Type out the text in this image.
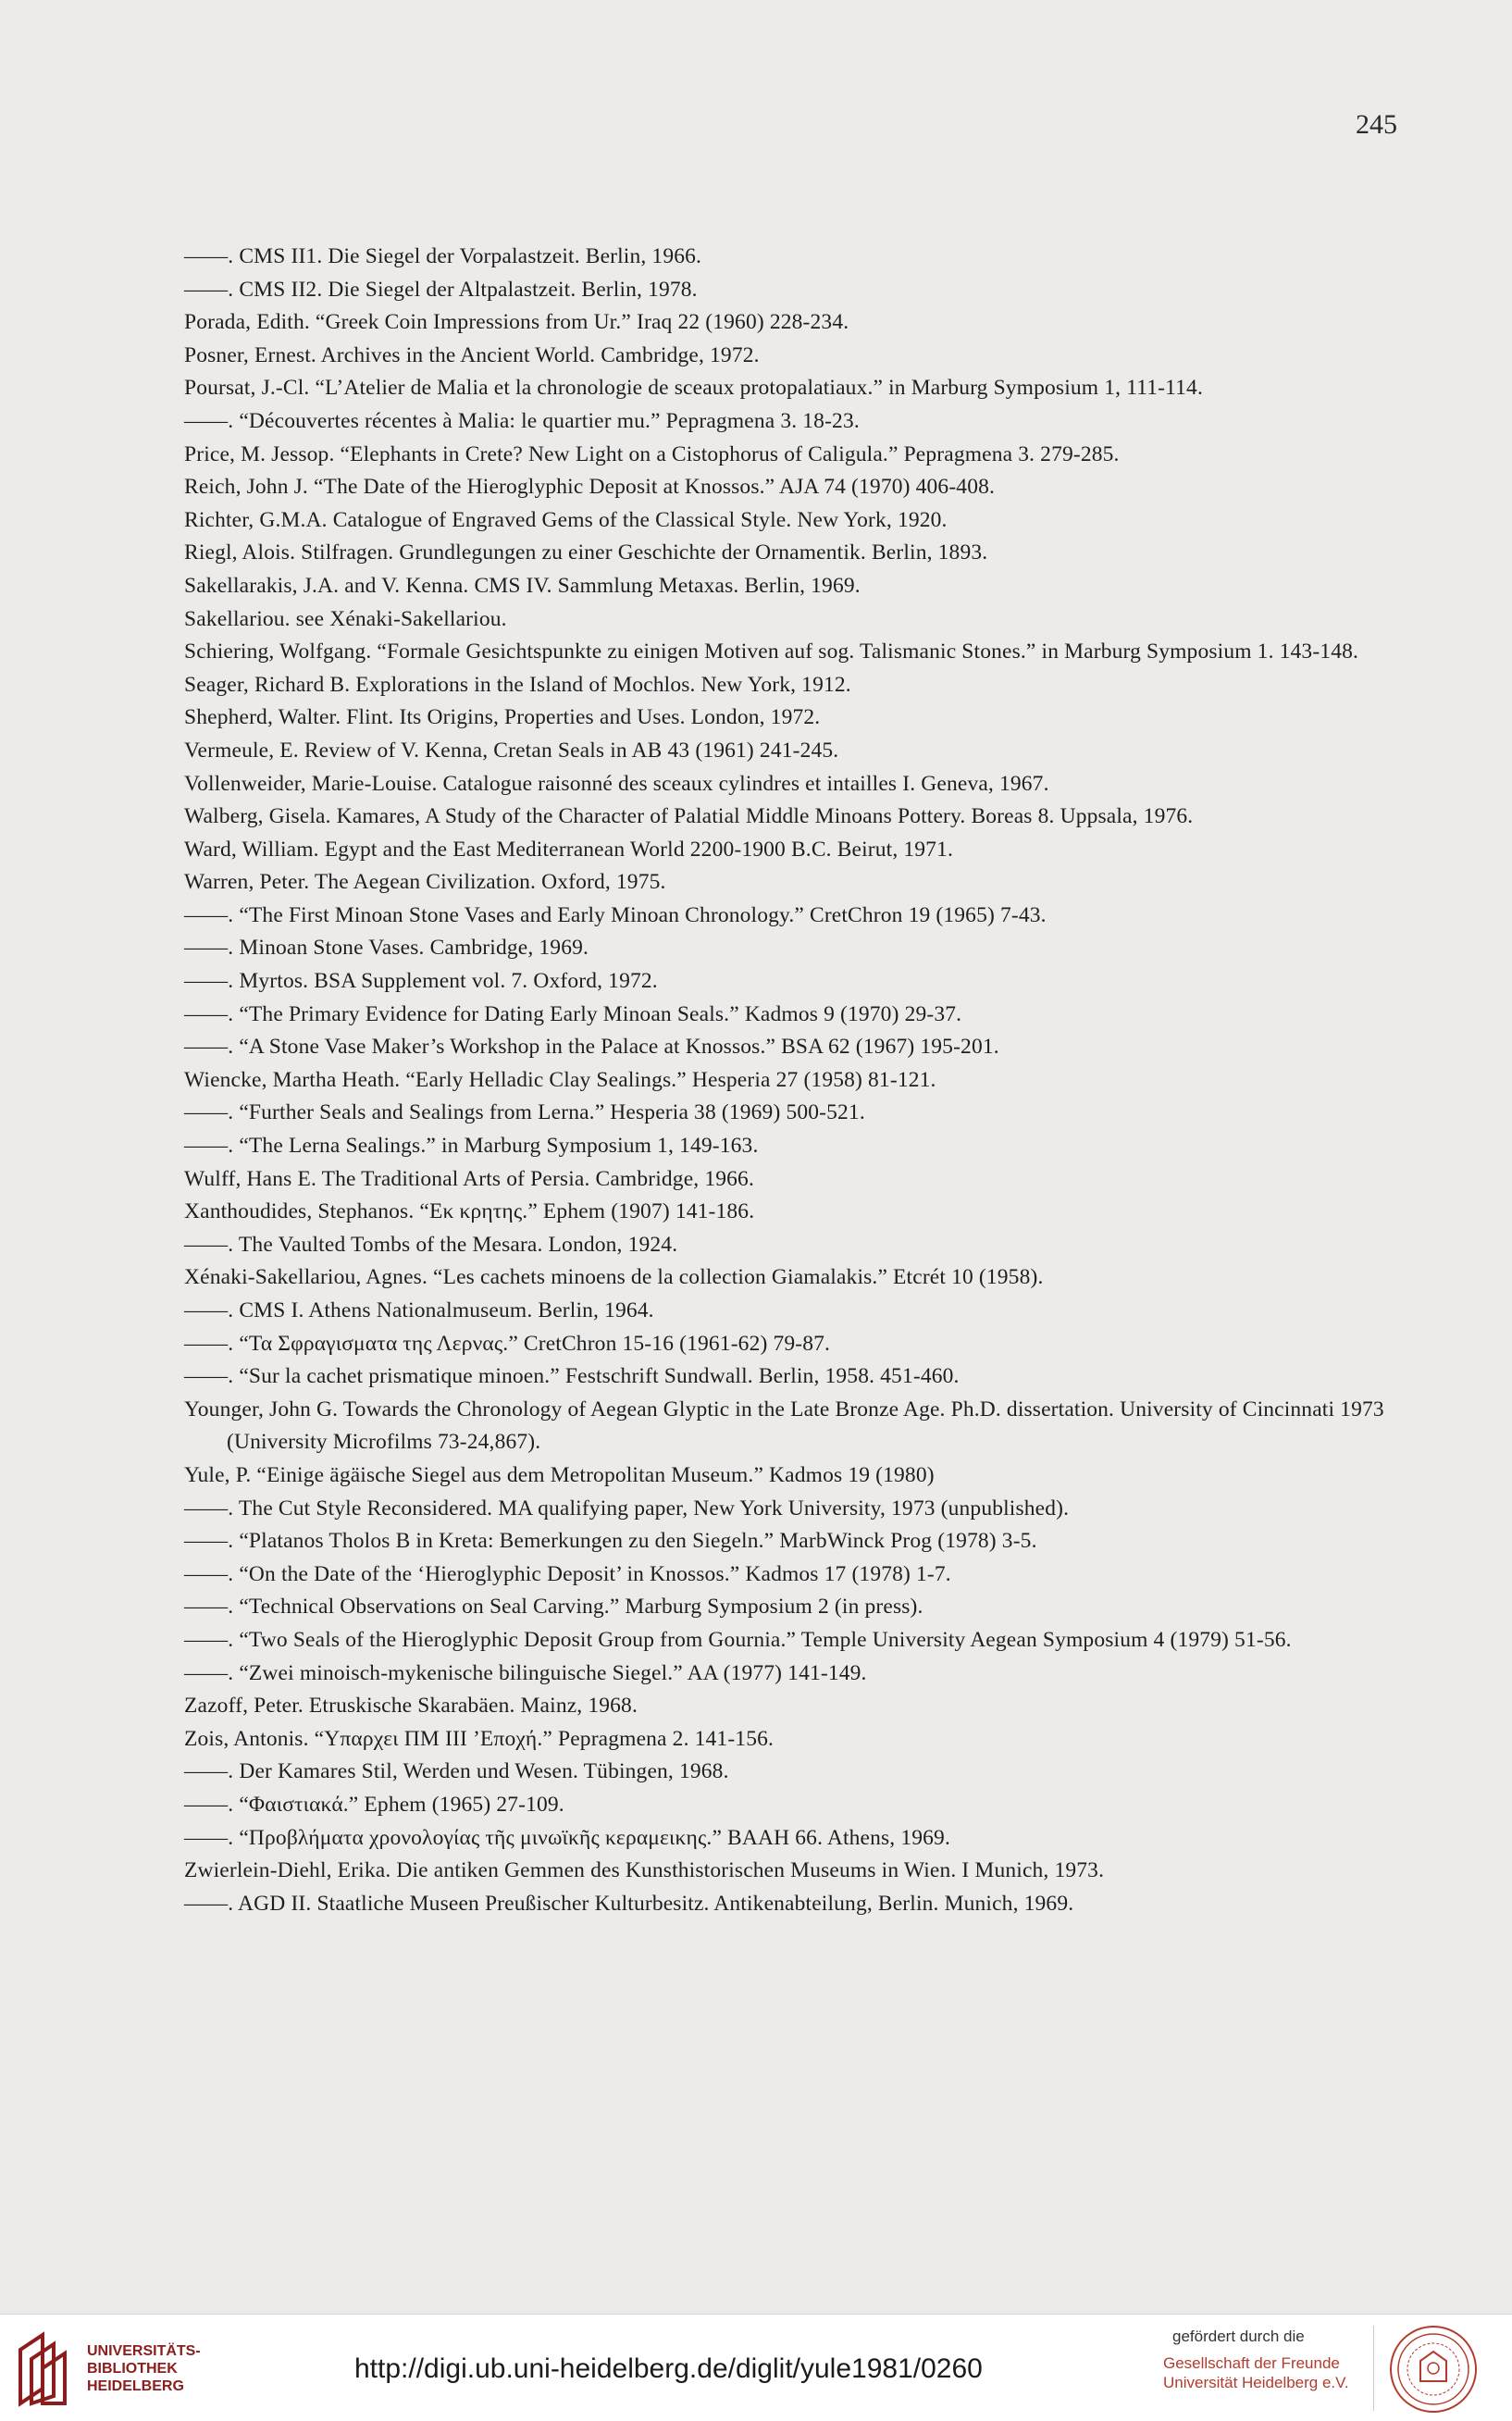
245
——. CMS II1. Die Siegel der Vorpalastzeit. Berlin, 1966.
——. CMS II2. Die Siegel der Altpalastzeit. Berlin, 1978.
Porada, Edith. “Greek Coin Impressions from Ur.” Iraq 22 (1960) 228-234.
Posner, Ernest. Archives in the Ancient World. Cambridge, 1972.
Poursat, J.-Cl. “L’Atelier de Malia et la chronologie de sceaux protopalatiaux.” in Marburg Symposium 1, 111-114.
——. “Découvertes récentes à Malia: le quartier mu.” Pepragmena 3. 18-23.
Price, M. Jessop. “Elephants in Crete? New Light on a Cistophorus of Caligula.” Pepragmena 3. 279-285.
Reich, John J. “The Date of the Hieroglyphic Deposit at Knossos.” AJA 74 (1970) 406-408.
Richter, G.M.A. Catalogue of Engraved Gems of the Classical Style. New York, 1920.
Riegl, Alois. Stilfragen. Grundlegungen zu einer Geschichte der Ornamentik. Berlin, 1893.
Sakellarakis, J.A. and V. Kenna. CMS IV. Sammlung Metaxas. Berlin, 1969.
Sakellariou. see Xénaki-Sakellariou.
Schiering, Wolfgang. “Formale Gesichtspunkte zu einigen Motiven auf sog. Talismanic Stones.” in Marburg Symposium 1. 143-148.
Seager, Richard B. Explorations in the Island of Mochlos. New York, 1912.
Shepherd, Walter. Flint. Its Origins, Properties and Uses. London, 1972.
Vermeule, E. Review of V. Kenna, Cretan Seals in AB 43 (1961) 241-245.
Vollenweider, Marie-Louise. Catalogue raisonné des sceaux cylindres et intailles I. Geneva, 1967.
Walberg, Gisela. Kamares, A Study of the Character of Palatial Middle Minoans Pottery. Boreas 8. Uppsala, 1976.
Ward, William. Egypt and the East Mediterranean World 2200-1900 B.C. Beirut, 1971.
Warren, Peter. The Aegean Civilization. Oxford, 1975.
——. “The First Minoan Stone Vases and Early Minoan Chronology.” CretChron 19 (1965) 7-43.
——. Minoan Stone Vases. Cambridge, 1969.
——. Myrtos. BSA Supplement vol. 7. Oxford, 1972.
——. “The Primary Evidence for Dating Early Minoan Seals.” Kadmos 9 (1970) 29-37.
——. “A Stone Vase Maker’s Workshop in the Palace at Knossos.” BSA 62 (1967) 195-201.
Wiencke, Martha Heath. “Early Helladic Clay Sealings.” Hesperia 27 (1958) 81-121.
——. “Further Seals and Sealings from Lerna.” Hesperia 38 (1969) 500-521.
——. “The Lerna Sealings.” in Marburg Symposium 1, 149-163.
Wulff, Hans E. The Traditional Arts of Persia. Cambridge, 1966.
Xanthoudides, Stephanos. “Εκ κρητης.” Ephem (1907) 141-186.
——. The Vaulted Tombs of the Mesara. London, 1924.
Xénaki-Sakellariou, Agnes. “Les cachets minoens de la collection Giamalakis.” Etcrét 10 (1958).
——. CMS I. Athens Nationalmuseum. Berlin, 1964.
——. “Τα Σφραγισματα της Λερνας.” CretChron 15-16 (1961-62) 79-87.
——. “Sur la cachet prismatique minoen.” Festschrift Sundwall. Berlin, 1958. 451-460.
Younger, John G. Towards the Chronology of Aegean Glyptic in the Late Bronze Age. Ph.D. dissertation. University of Cincinnati 1973 (University Microfilms 73-24,867).
Yule, P. “Einige ägäische Siegel aus dem Metropolitan Museum.” Kadmos 19 (1980)
——. The Cut Style Reconsidered. MA qualifying paper, New York University, 1973 (unpublished).
——. “Platanos Tholos B in Kreta: Bemerkungen zu den Siegeln.” MarbWinck Prog (1978) 3-5.
——. “On the Date of the ‘Hieroglyphic Deposit’ in Knossos.” Kadmos 17 (1978) 1-7.
——. “Technical Observations on Seal Carving.” Marburg Symposium 2 (in press).
——. “Two Seals of the Hieroglyphic Deposit Group from Gournia.” Temple University Aegean Symposium 4 (1979) 51-56.
——. “Zwei minoisch-mykenische bilinguische Siegel.” AA (1977) 141-149.
Zazoff, Peter. Etruskische Skarabäen. Mainz, 1968.
Zois, Antonis. “Υπαρχει ΠΜ ΙΙΙ ’Εποχή.” Pepragmena 2. 141-156.
——. Der Kamares Stil, Werden und Wesen. Tübingen, 1968.
——. “Φαιστιακά.” Ephem (1965) 27-109.
——. “Προβλήματα χρονολογίας τῆς μινωϊκῆς κεραμεικης.” BAAH 66. Athens, 1969.
Zwierlein-Diehl, Erika. Die antiken Gemmen des Kunsthistorischen Museums in Wien. I Munich, 1973.
——. AGD II. Staatliche Museen Preußischer Kulturbesitz. Antikenabteilung, Berlin. Munich, 1969.
UNIVERSITÄTS-
BIBLIOTHEK
HEIDELBERG
http://digi.ub.uni-heidelberg.de/diglit/yule1981/0260
gefördert durch die
Gesellschaft der Freunde
Universität Heidelberg e.V.
